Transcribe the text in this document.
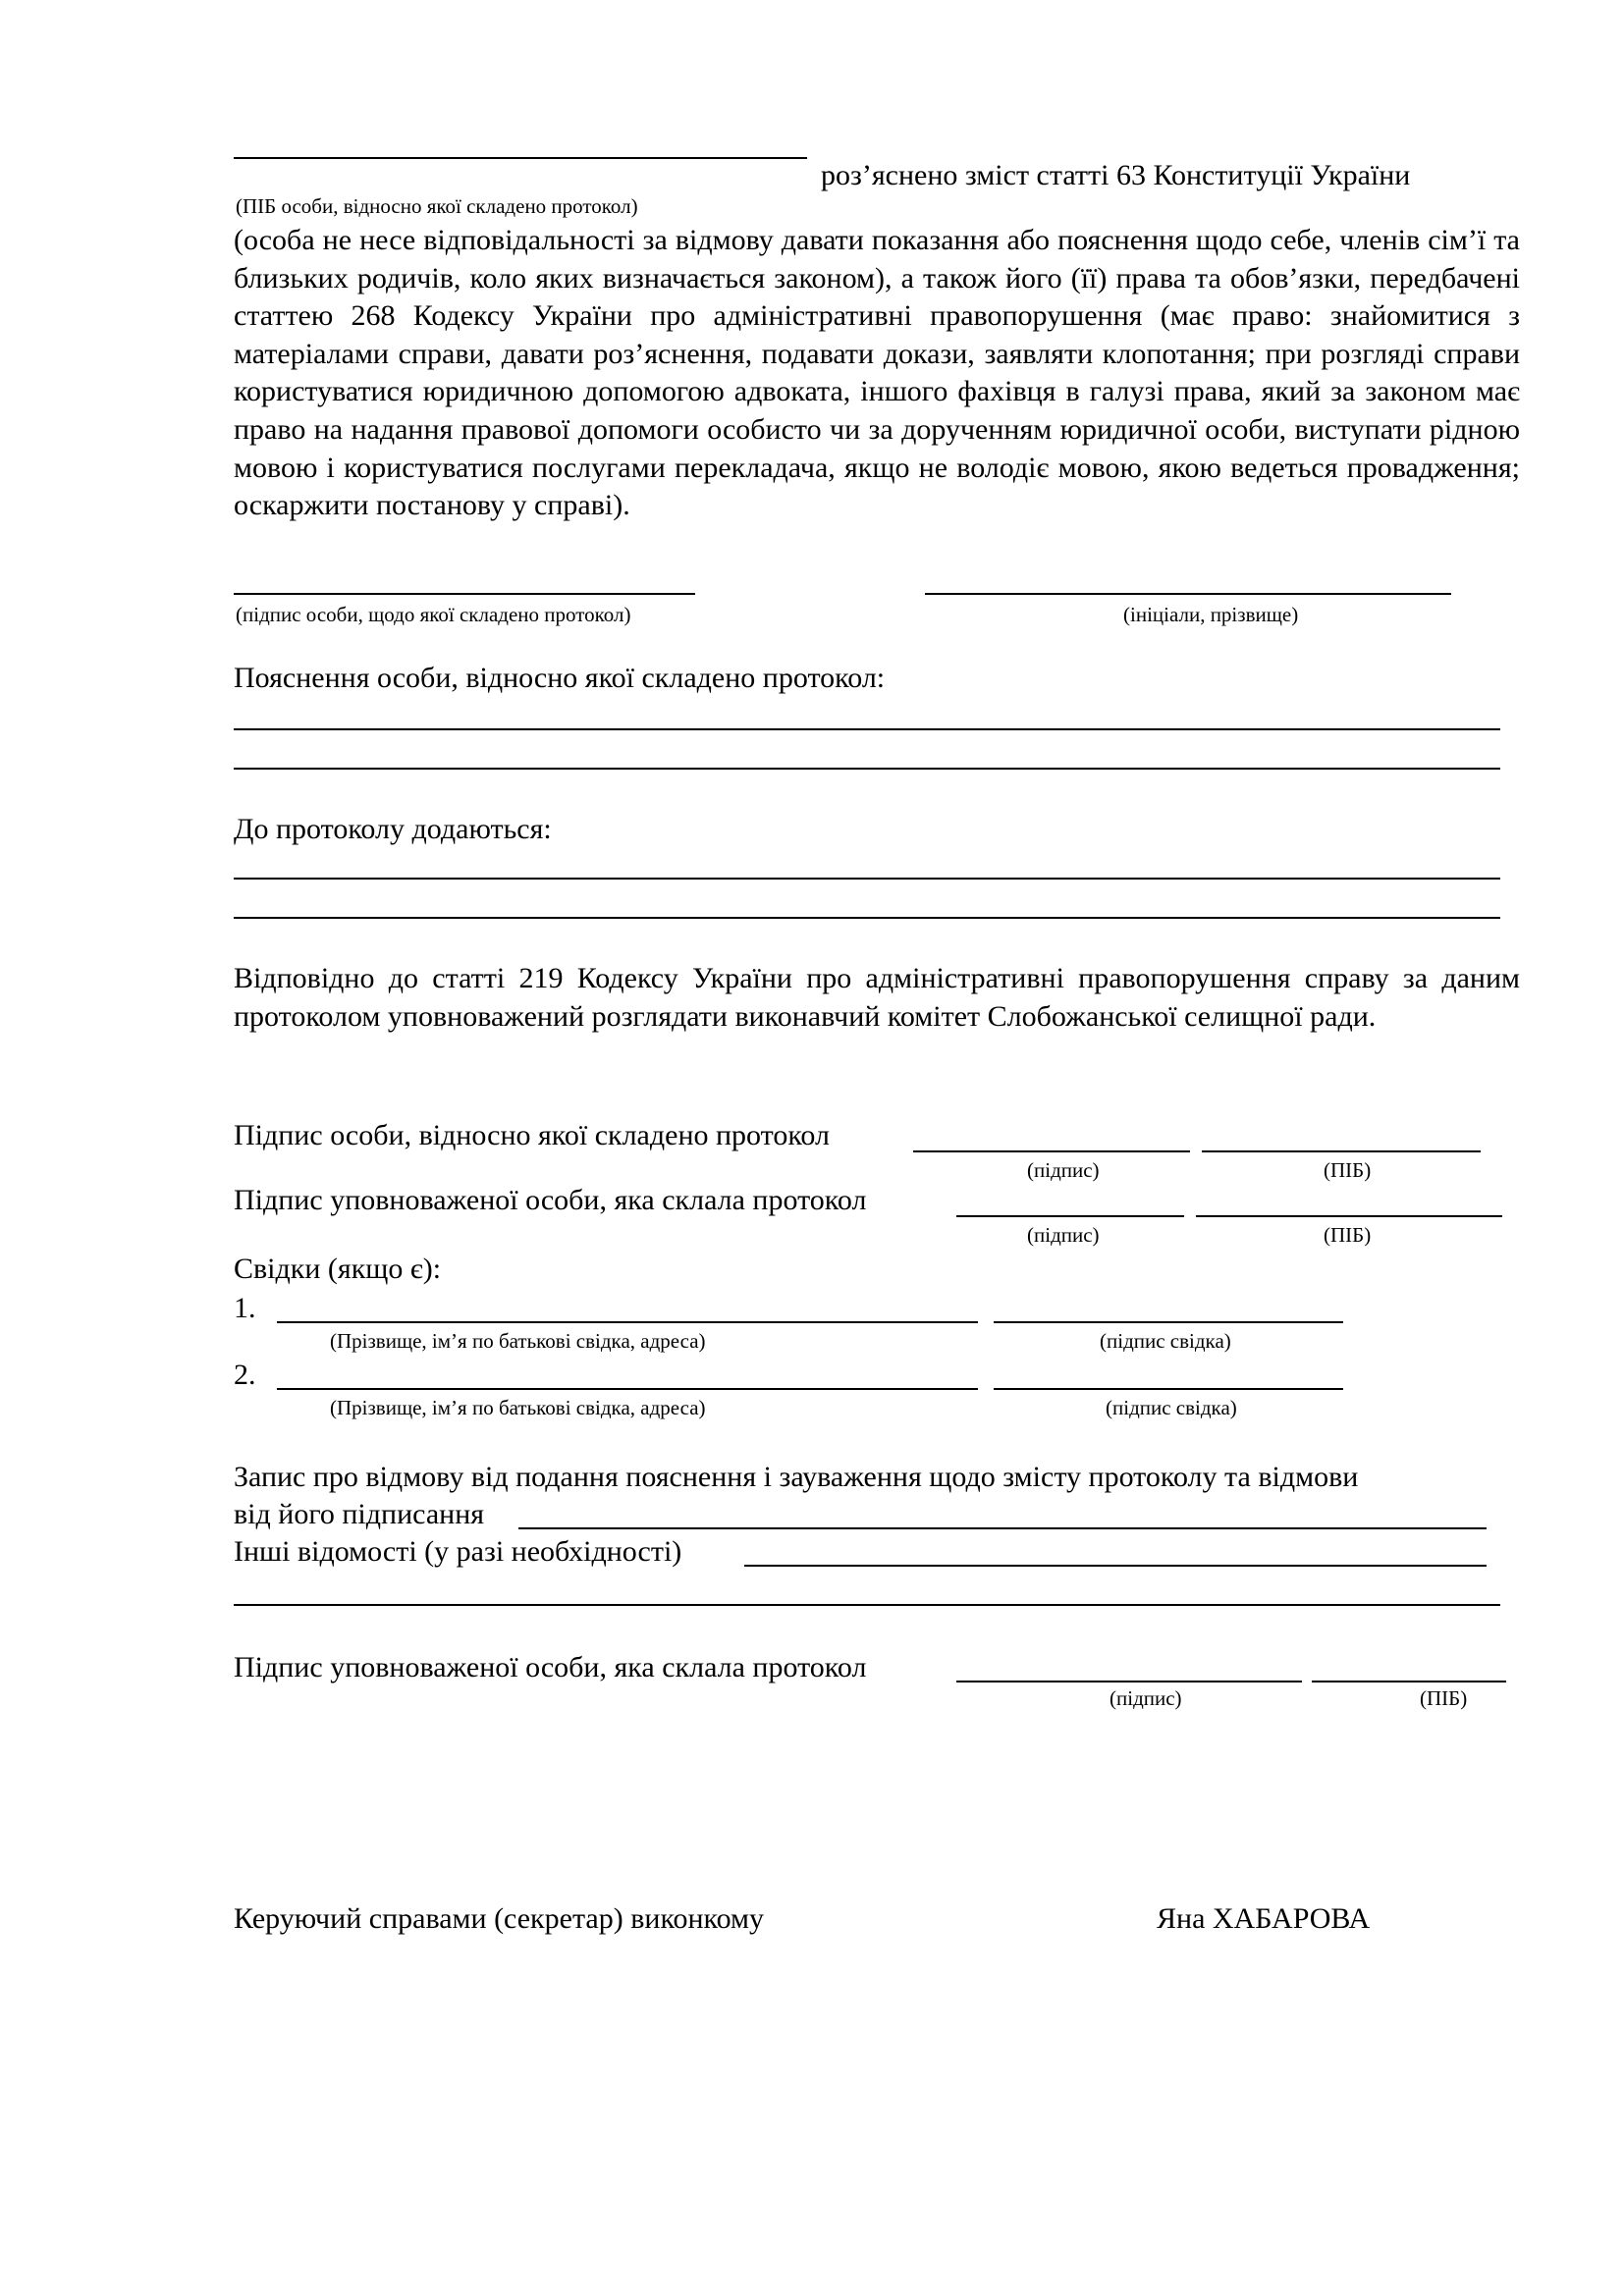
роз’яснено зміст статті 63 Конституції України
(ПІБ особи, відносно якої складено протокол)
(особа не несе відповідальності за відмову давати показання або пояснення щодо себе, членів сім’ї та близьких родичів, коло яких визначається законом), а також його (її) права та обов’язки, передбачені статтею 268 Кодексу України про адміністративні правопорушення (має право: знайомитися з матеріалами справи, давати роз’яснення, подавати докази, заявляти клопотання; при розгляді справи користуватися юридичною допомогою адвоката, іншого фахівця в галузі права, який за законом має право на надання правової допомоги особисто чи за дорученням юридичної особи, виступати рідною мовою і користуватися послугами перекладача, якщо не володіє мовою, якою ведеться провадження; оскаржити постанову у справі).
(підпис особи, щодо якої складено протокол)	(ініціали, прізвище)
Пояснення особи, відносно якої складено протокол:
До протоколу додаються:
Відповідно до статті 219 Кодексу України про адміністративні правопорушення справу за даним протоколом уповноважений розглядати виконавчий комітет Слобожанської селищної ради.
Підпис особи, відносно якої складено протокол
(підпис)	(ПІБ)
Підпис уповноваженої особи, яка склала протокол
(підпис)	(ПІБ)
Свідки (якщо є):
1.
(Прізвище, ім’я по батькові свідка, адреса)	(підпис свідка)
2.
(Прізвище, ім’я по батькові свідка, адреса)	(підпис свідка)
Запис про відмову від подання пояснення і зауваження щодо змісту протоколу та відмови
від його підписання
Інші відомості (у разі необхідності)
Підпис уповноваженої особи, яка склала протокол
(підпис)	(ПІБ)
Керуючий справами (секретар) виконкому	Яна ХАБАРОВА
